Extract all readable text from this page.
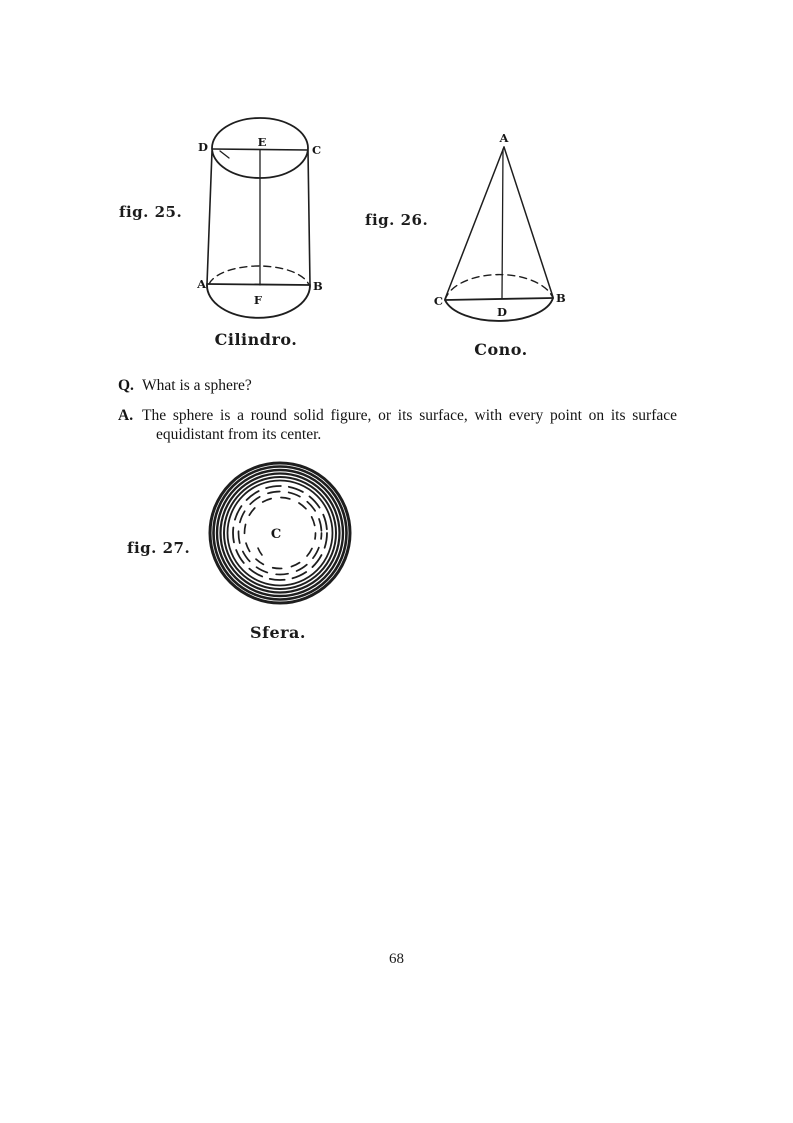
D	E
C
A	B
F
fig. 25.
Cilindro.
A
C	B
D
fig. 26.
Cono.
Q. What is a sphere?
A. The sphere is a round solid figure, or its surface, with every point on its surface
equidistant from its center.
C
fig. 27.
Sfera.
68
